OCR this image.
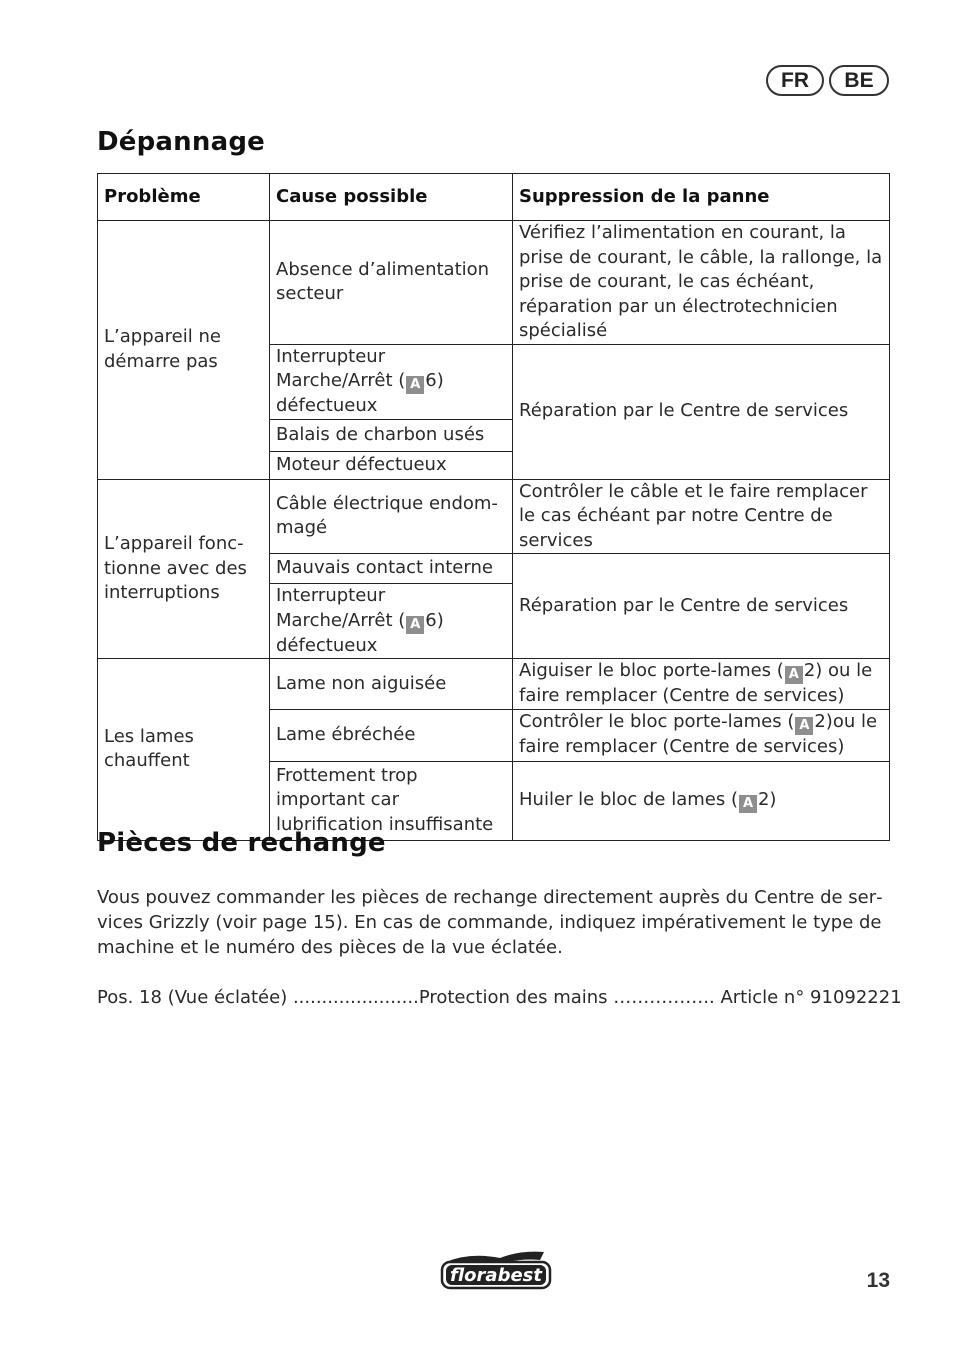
FR	BE
Dépannage
Problème	Cause possible	Suppression de la panne
L’appareil ne démarre pas	Absence d’alimentation secteur	Vérifiez l’alimentation en courant, la prise de courant, le câble, la rallonge, la prise de courant, le cas échéant, réparation par un électrotechnicien spécialisé
	Interrupteur Marche/Arrêt ( A 6) défectueux	Réparation par le Centre de services
	Balais de charbon usés	
	Moteur défectueux	
L’appareil fonctionne avec des interruptions	Câble électrique endommagé	Contrôler le câble et le faire remplacer le cas échéant par notre Centre de services
	Mauvais contact interne	Réparation par le Centre de services
	Interrupteur Marche/Arrêt ( A 6) défectueux	
Les lames chauffent	Lame non aiguisée	Aiguiser le bloc porte-lames ( A 2) ou le faire remplacer (Centre de services)
	Lame ébréchée	Contrôler le bloc porte-lames ( A 2)ou le faire remplacer (Centre de services)
	Frottement trop important car lubrification insuffisante	Huiler le bloc de lames ( A 2)
Pièces de rechange

Vous pouvez commander les pièces de rechange directement auprès du Centre de services Grizzly (voir page 15). En cas de commande, indiquez impérativement le type de machine et le numéro des pièces de la vue éclatée.

Pos. 18 (Vue éclatée) ......................Protection des mains …………….. Article n° 91092221

florabest	13
